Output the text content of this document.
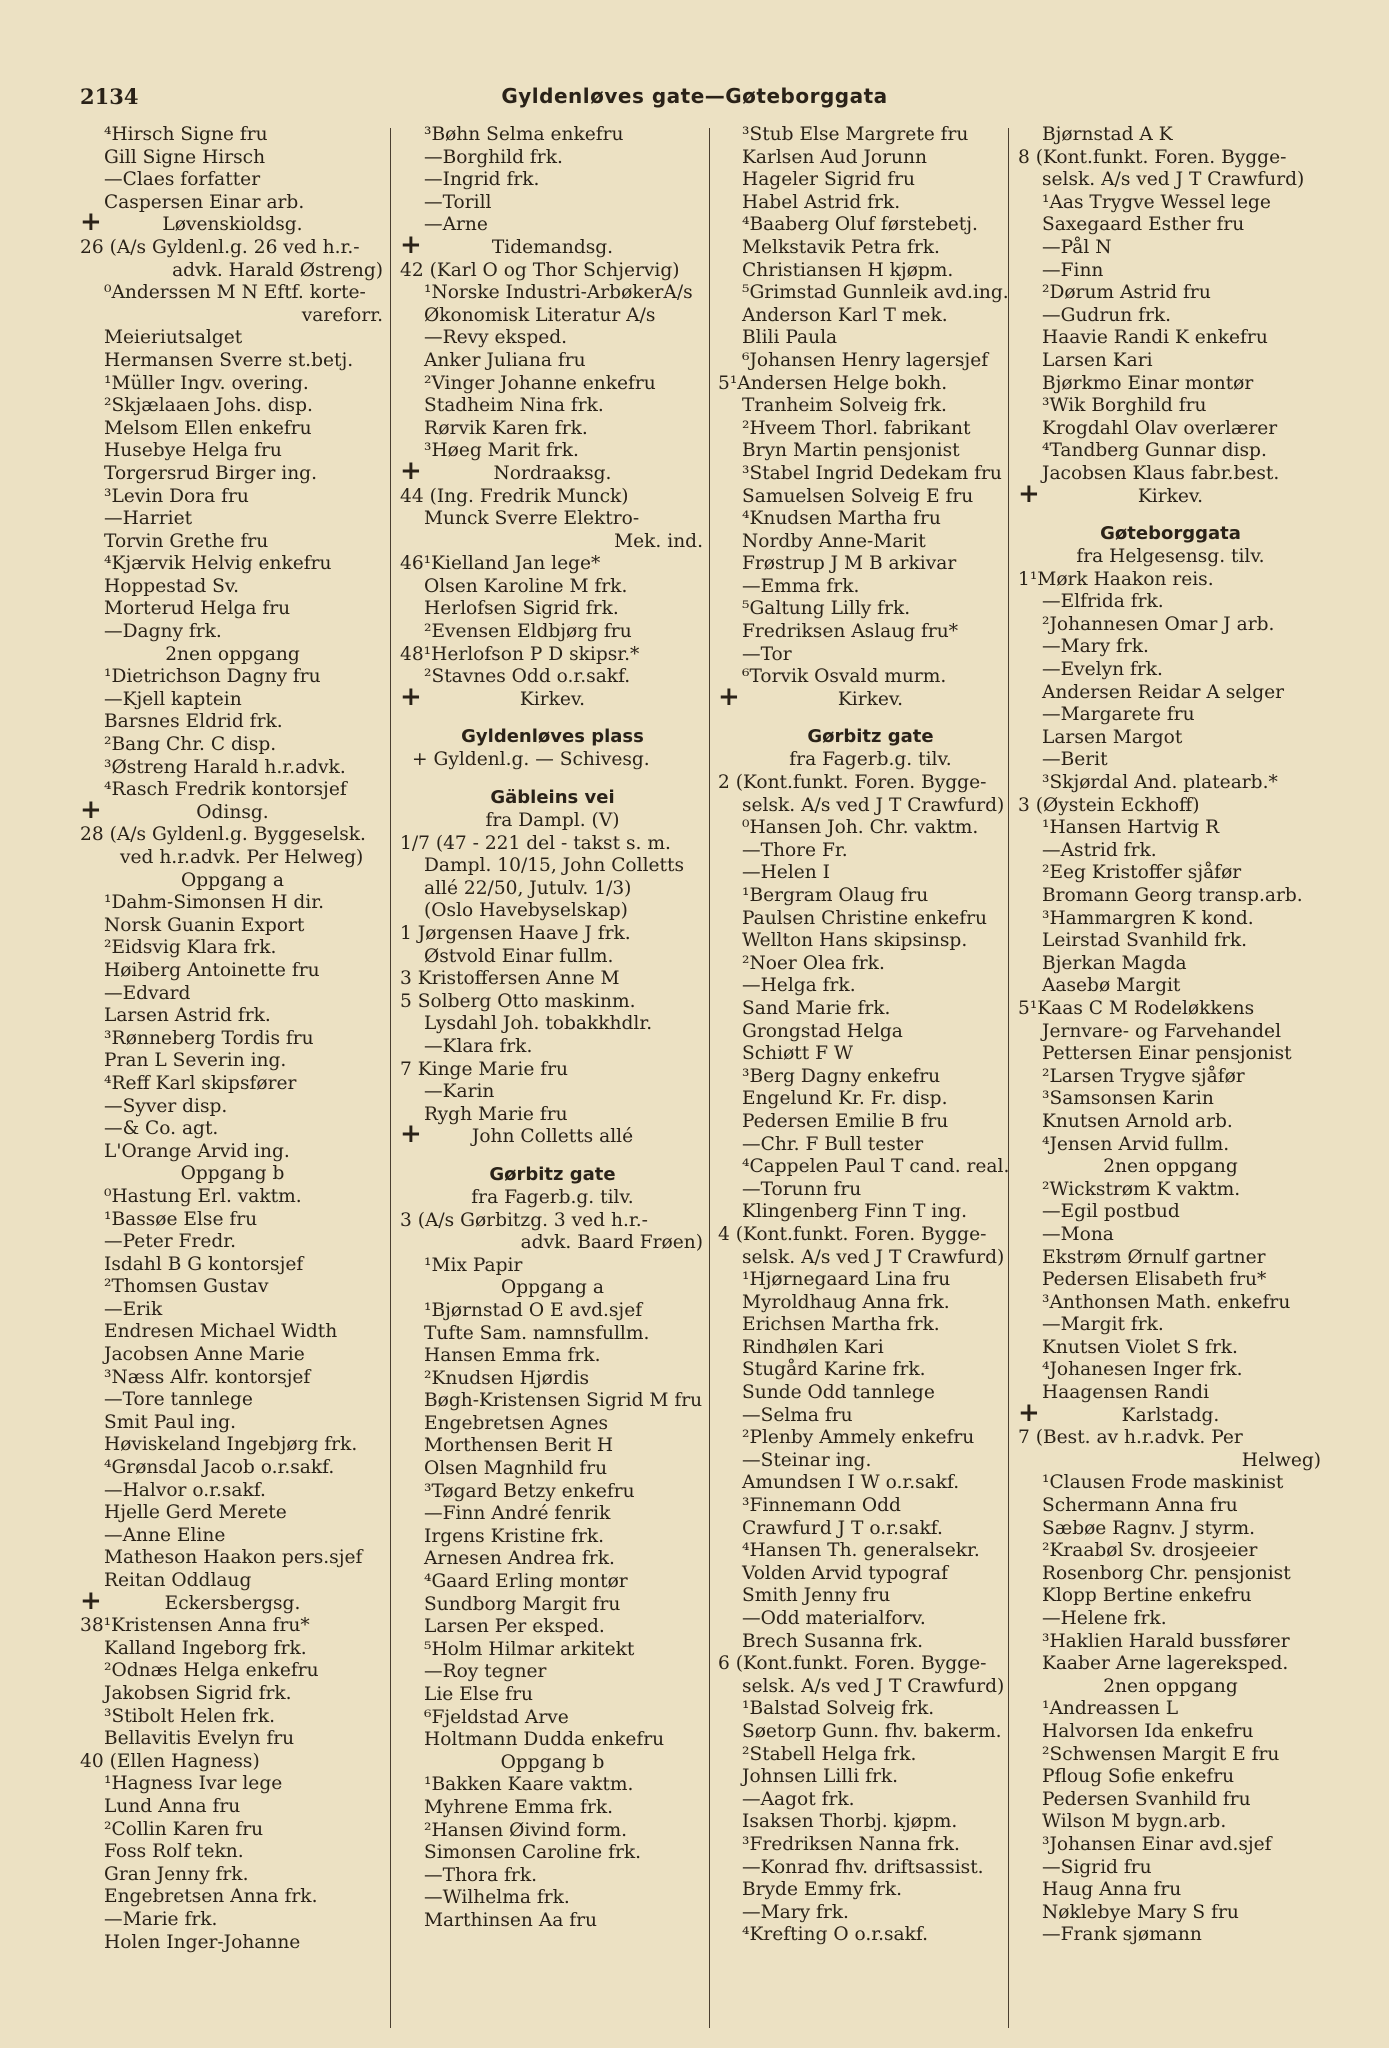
2134	Gyldenløves gate—Gøteborggata
⁴Hirsch Signe fru
Gill Signe Hirsch
—Claes forfatter
Caspersen Einar arb.
+	Løvenskioldsg.
26 (A/s Gyldenl.g. 26 ved h.r.-
advk. Harald Østreng)
⁰Anderssen M N Eftf. korte-
vareforr.
Meieriutsalget
Hermansen Sverre st.betj.
¹Müller Ingv. overing.
²Skjælaaen Johs. disp.
Melsom Ellen enkefru
Husebye Helga fru
Torgersrud Birger ing.
³Levin Dora fru
—Harriet
Torvin Grethe fru
⁴Kjærvik Helvig enkefru
Hoppestad Sv.
Morterud Helga fru
—Dagny frk.
2nen oppgang
¹Dietrichson Dagny fru
—Kjell kaptein
Barsnes Eldrid frk.
²Bang Chr. C disp.
³Østreng Harald h.r.advk.
⁴Rasch Fredrik kontorsjef
+	Odinsg.
28 (A/s Gyldenl.g. Byggeselsk.
ved h.r.advk. Per Helweg)
Oppgang a
¹Dahm-Simonsen H dir.
Norsk Guanin Export
²Eidsvig Klara frk.
Høiberg Antoinette fru
—Edvard
Larsen Astrid frk.
³Rønneberg Tordis fru
Pran L Severin ing.
⁴Reff Karl skipsfører
—Syver disp.
—& Co. agt.
L'Orange Arvid ing.
Oppgang b
⁰Hastung Erl. vaktm.
¹Bassøe Else fru
—Peter Fredr.
Isdahl B G kontorsjef
²Thomsen Gustav
—Erik
Endresen Michael Width
Jacobsen Anne Marie
³Næss Alfr. kontorsjef
—Tore tannlege
Smit Paul ing.
Høviskeland Ingebjørg frk.
⁴Grønsdal Jacob o.r.sakf.
—Halvor o.r.sakf.
Hjelle Gerd Merete
—Anne Eline
Matheson Haakon pers.sjef
Reitan Oddlaug
+	Eckersbergsg.
38¹Kristensen Anna fru*
Kalland Ingeborg frk.
²Odnæs Helga enkefru
Jakobsen Sigrid frk.
³Stibolt Helen frk.
Bellavitis Evelyn fru
40 (Ellen Hagness)
¹Hagness Ivar lege
Lund Anna fru
²Collin Karen fru
Foss Rolf tekn.
Gran Jenny frk.
Engebretsen Anna frk.
—Marie frk.
Holen Inger-Johanne
³Bøhn Selma enkefru
—Borghild frk.
—Ingrid frk.
—Torill
—Arne
+	Tidemandsg.
42 (Karl O og Thor Schjervig)
¹Norske Industri-ArbøkerA/s
Økonomisk Literatur A/s
—Revy eksped.
Anker Juliana fru
²Vinger Johanne enkefru
Stadheim Nina frk.
Rørvik Karen frk.
³Høeg Marit frk.
+	Nordraaksg.
44 (Ing. Fredrik Munck)
Munck Sverre Elektro-
Mek. ind.
46¹Kielland Jan lege*
Olsen Karoline M frk.
Herlofsen Sigrid frk.
²Evensen Eldbjørg fru
48¹Herlofson P D skipsr.*
²Stavnes Odd o.r.sakf.
+	Kirkev.
Gyldenløves plass
+ Gyldenl.g. — Schivesg.
Gäbleins vei
fra Dampl. (V)
1/7 (47 - 221 del - takst s. m.
Dampl. 10/15, John Colletts
allé 22/50, Jutulv. 1/3)
(Oslo Havebyselskap)
1 Jørgensen Haave J frk.
Østvold Einar fullm.
3 Kristoffersen Anne M
5 Solberg Otto maskinm.
Lysdahl Joh. tobakkhdlr.
—Klara frk.
7 Kinge Marie fru
—Karin
Rygh Marie fru
+	John Colletts allé
Gørbitz gate
fra Fagerb.g. tilv.
3 (A/s Gørbitzg. 3 ved h.r.-
advk. Baard Frøen)
¹Mix Papir
Oppgang a
¹Bjørnstad O E avd.sjef
Tufte Sam. namnsfullm.
Hansen Emma frk.
²Knudsen Hjørdis
Bøgh-Kristensen Sigrid M fru
Engebretsen Agnes
Morthensen Berit H
Olsen Magnhild fru
³Tøgard Betzy enkefru
—Finn André fenrik
Irgens Kristine frk.
Arnesen Andrea frk.
⁴Gaard Erling montør
Sundborg Margit fru
Larsen Per eksped.
⁵Holm Hilmar arkitekt
—Roy tegner
Lie Else fru
⁶Fjeldstad Arve
Holtmann Dudda enkefru
Oppgang b
¹Bakken Kaare vaktm.
Myhrene Emma frk.
²Hansen Øivind form.
Simonsen Caroline frk.
—Thora frk.
—Wilhelma frk.
Marthinsen Aa fru
³Stub Else Margrete fru
Karlsen Aud Jorunn
Hageler Sigrid fru
Habel Astrid frk.
⁴Baaberg Oluf førstebetj.
Melkstavik Petra frk.
Christiansen H kjøpm.
⁵Grimstad Gunnleik avd.ing.
Anderson Karl T mek.
Blili Paula
⁶Johansen Henry lagersjef
5¹Andersen Helge bokh.
Tranheim Solveig frk.
²Hveem Thorl. fabrikant
Bryn Martin pensjonist
³Stabel Ingrid Dedekam fru
Samuelsen Solveig E fru
⁴Knudsen Martha fru
Nordby Anne-Marit
Frøstrup J M B arkivar
—Emma frk.
⁵Galtung Lilly frk.
Fredriksen Aslaug fru*
—Tor
⁶Torvik Osvald murm.
+	Kirkev.
Gørbitz gate
fra Fagerb.g. tilv.
2 (Kont.funkt. Foren. Bygge-
selsk. A/s ved J T Crawfurd)
⁰Hansen Joh. Chr. vaktm.
—Thore Fr.
—Helen I
¹Bergram Olaug fru
Paulsen Christine enkefru
Wellton Hans skipsinsp.
²Noer Olea frk.
—Helga frk.
Sand Marie frk.
Grongstad Helga
Schiøtt F W
³Berg Dagny enkefru
Engelund Kr. Fr. disp.
Pedersen Emilie B fru
—Chr. F Bull tester
⁴Cappelen Paul T cand. real.
—Torunn fru
Klingenberg Finn T ing.
4 (Kont.funkt. Foren. Bygge-
selsk. A/s ved J T Crawfurd)
¹Hjørnegaard Lina fru
Myroldhaug Anna frk.
Erichsen Martha frk.
Rindhølen Kari
Stugård Karine frk.
Sunde Odd tannlege
—Selma fru
²Plenby Ammely enkefru
—Steinar ing.
Amundsen I W o.r.sakf.
³Finnemann Odd
Crawfurd J T o.r.sakf.
⁴Hansen Th. generalsekr.
Volden Arvid typograf
Smith Jenny fru
—Odd materialforv.
Brech Susanna frk.
6 (Kont.funkt. Foren. Bygge-
selsk. A/s ved J T Crawfurd)
¹Balstad Solveig frk.
Søetorp Gunn. fhv. bakerm.
²Stabell Helga frk.
Johnsen Lilli frk.
—Aagot frk.
Isaksen Thorbj. kjøpm.
³Fredriksen Nanna frk.
—Konrad fhv. driftsassist.
Bryde Emmy frk.
—Mary frk.
⁴Krefting O o.r.sakf.
Bjørnstad A K
8 (Kont.funkt. Foren. Bygge-
selsk. A/s ved J T Crawfurd)
¹Aas Trygve Wessel lege
Saxegaard Esther fru
—Pål N
—Finn
²Dørum Astrid fru
—Gudrun frk.
Haavie Randi K enkefru
Larsen Kari
Bjørkmo Einar montør
³Wik Borghild fru
Krogdahl Olav overlærer
⁴Tandberg Gunnar disp.
Jacobsen Klaus fabr.best.
+	Kirkev.
Gøteborggata
fra Helgesensg. tilv.
1¹Mørk Haakon reis.
—Elfrida frk.
²Johannesen Omar J arb.
—Mary frk.
—Evelyn frk.
Andersen Reidar A selger
—Margarete fru
Larsen Margot
—Berit
³Skjørdal And. platearb.*
3 (Øystein Eckhoff)
¹Hansen Hartvig R
—Astrid frk.
²Eeg Kristoffer sjåfør
Bromann Georg transp.arb.
³Hammargren K kond.
Leirstad Svanhild frk.
Bjerkan Magda
Aasebø Margit
5¹Kaas C M Rodeløkkens
Jernvare- og Farvehandel
Pettersen Einar pensjonist
²Larsen Trygve sjåfør
³Samsonsen Karin
Knutsen Arnold arb.
⁴Jensen Arvid fullm.
2nen oppgang
²Wickstrøm K vaktm.
—Egil postbud
—Mona
Ekstrøm Ørnulf gartner
Pedersen Elisabeth fru*
³Anthonsen Math. enkefru
—Margit frk.
Knutsen Violet S frk.
⁴Johanesen Inger frk.
Haagensen Randi
+	Karlstadg.
7 (Best. av h.r.advk. Per
Helweg)
¹Clausen Frode maskinist
Schermann Anna fru
Sæbøe Ragnv. J styrm.
²Kraabøl Sv. drosjeeier
Rosenborg Chr. pensjonist
Klopp Bertine enkefru
—Helene frk.
³Haklien Harald bussfører
Kaaber Arne lagereksped.
2nen oppgang
¹Andreassen L
Halvorsen Ida enkefru
²Schwensen Margit E fru
Pfloug Sofie enkefru
Pedersen Svanhild fru
Wilson M bygn.arb.
³Johansen Einar avd.sjef
—Sigrid fru
Haug Anna fru
Nøklebye Mary S fru
—Frank sjømann
